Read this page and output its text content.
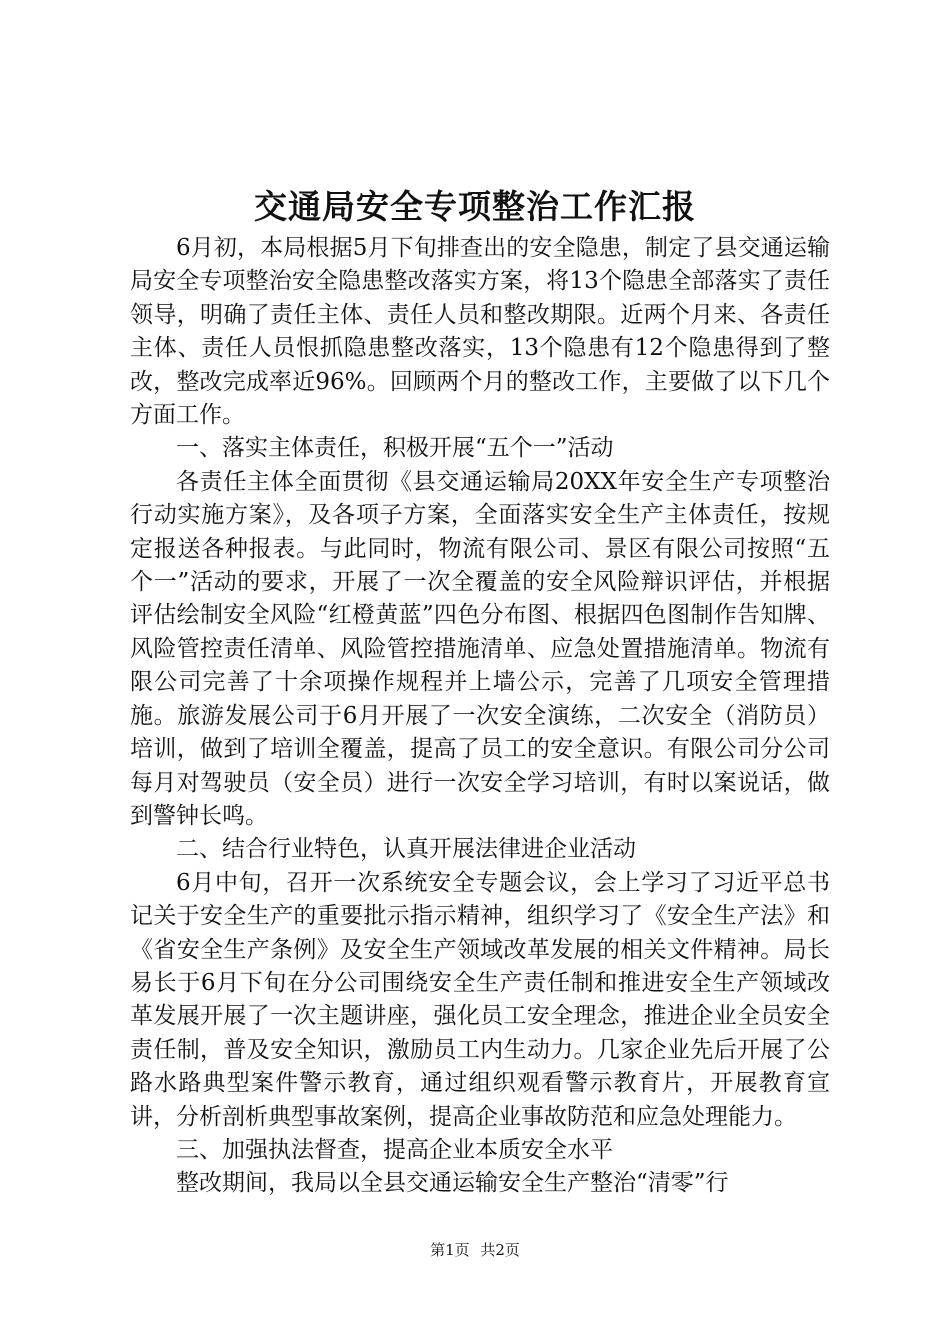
交通局安全专项整治工作汇报

6月初，本局根据5月下旬排查出的安全隐患，制定了县交通运输局安全专项整治安全隐患整改落实方案，将13个隐患全部落实了责任领导，明确了责任主体、责任人员和整改期限。近两个月来、各责任主体、责任人员恨抓隐患整改落实，13个隐患有12个隐患得到了整改，整改完成率近96%。回顾两个月的整改工作，主要做了以下几个方面工作。

一、落实主体责任，积极开展“五个一”活动

各责任主体全面贯彻《县交通运输局20XX年安全生产专项整治行动实施方案》，及各项子方案，全面落实安全生产主体责任，按规定报送各种报表。与此同时，物流有限公司、景区有限公司按照“五个一”活动的要求，开展了一次全覆盖的安全风险辩识评估，并根据评估绘制安全风险“红橙黄蓝”四色分布图、根据四色图制作告知牌、风险管控责任清单、风险管控措施清单、应急处置措施清单。物流有限公司完善了十余项操作规程并上墙公示，完善了几项安全管理措施。旅游发展公司于6月开展了一次安全演练，二次安全（消防员）培训，做到了培训全覆盖，提高了员工的安全意识。有限公司分公司每月对驾驶员（安全员）进行一次安全学习培训，有时以案说话，做到警钟长鸣。

二、结合行业特色，认真开展法律进企业活动

6月中旬，召开一次系统安全专题会议，会上学习了习近平总书记关于安全生产的重要批示指示精神，组织学习了《安全生产法》和《省安全生产条例》及安全生产领域改革发展的相关文件精神。局长易长于6月下旬在分公司围绕安全生产责任制和推进安全生产领域改革发展开展了一次主题讲座，强化员工安全理念，推进企业全员安全责任制，普及安全知识，激励员工内生动力。几家企业先后开展了公路水路典型案件警示教育，通过组织观看警示教育片，开展教育宣讲，分析剖析典型事故案例，提高企业事故防范和应急处理能力。

三、加强执法督查，提高企业本质安全水平

整改期间，我局以全县交通运输安全生产整治“清零”行

第1页 共2页
